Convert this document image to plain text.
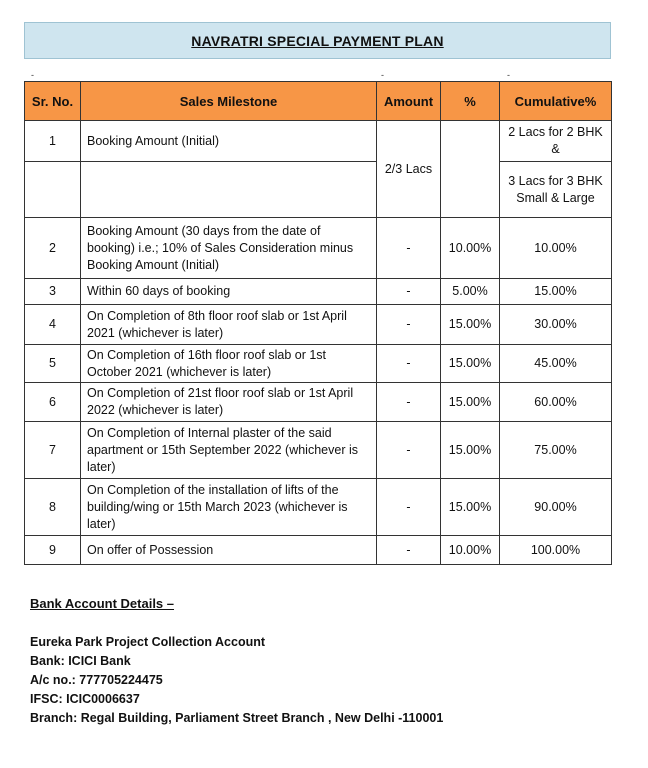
NAVRATRI SPECIAL PAYMENT PLAN
-	-	-
Sr. No.	Sales Milestone	Amount	%	Cumulative%
1	Booking Amount (Initial)	2/3 Lacs		2 Lacs for 2 BHK &
				3 Lacs for 3 BHK Small & Large
2	Booking Amount (30 days from the date of booking) i.e.; 10% of Sales Consideration minus Booking Amount (Initial)	-	10.00%	10.00%
3	Within 60 days of booking	-	5.00%	15.00%
4	On Completion of 8th floor roof slab or 1st April 2021 (whichever is later)	-	15.00%	30.00%
5	On Completion of 16th floor roof slab or 1st October 2021 (whichever is later)	-	15.00%	45.00%
6	On Completion of 21st floor roof slab or 1st April 2022 (whichever is later)	-	15.00%	60.00%
7	On Completion of Internal plaster of the said apartment or 15th September 2022 (whichever is later)	-	15.00%	75.00%
8	On Completion of the installation of lifts of the building/wing or 15th March 2023 (whichever is later)	-	15.00%	90.00%
9	On offer of Possession	-	10.00%	100.00%
Bank Account Details –
Eureka Park Project Collection Account
Bank: ICICI Bank
A/c no.: 777705224475
IFSC: ICIC0006637
Branch: Regal Building, Parliament Street Branch , New Delhi -110001
